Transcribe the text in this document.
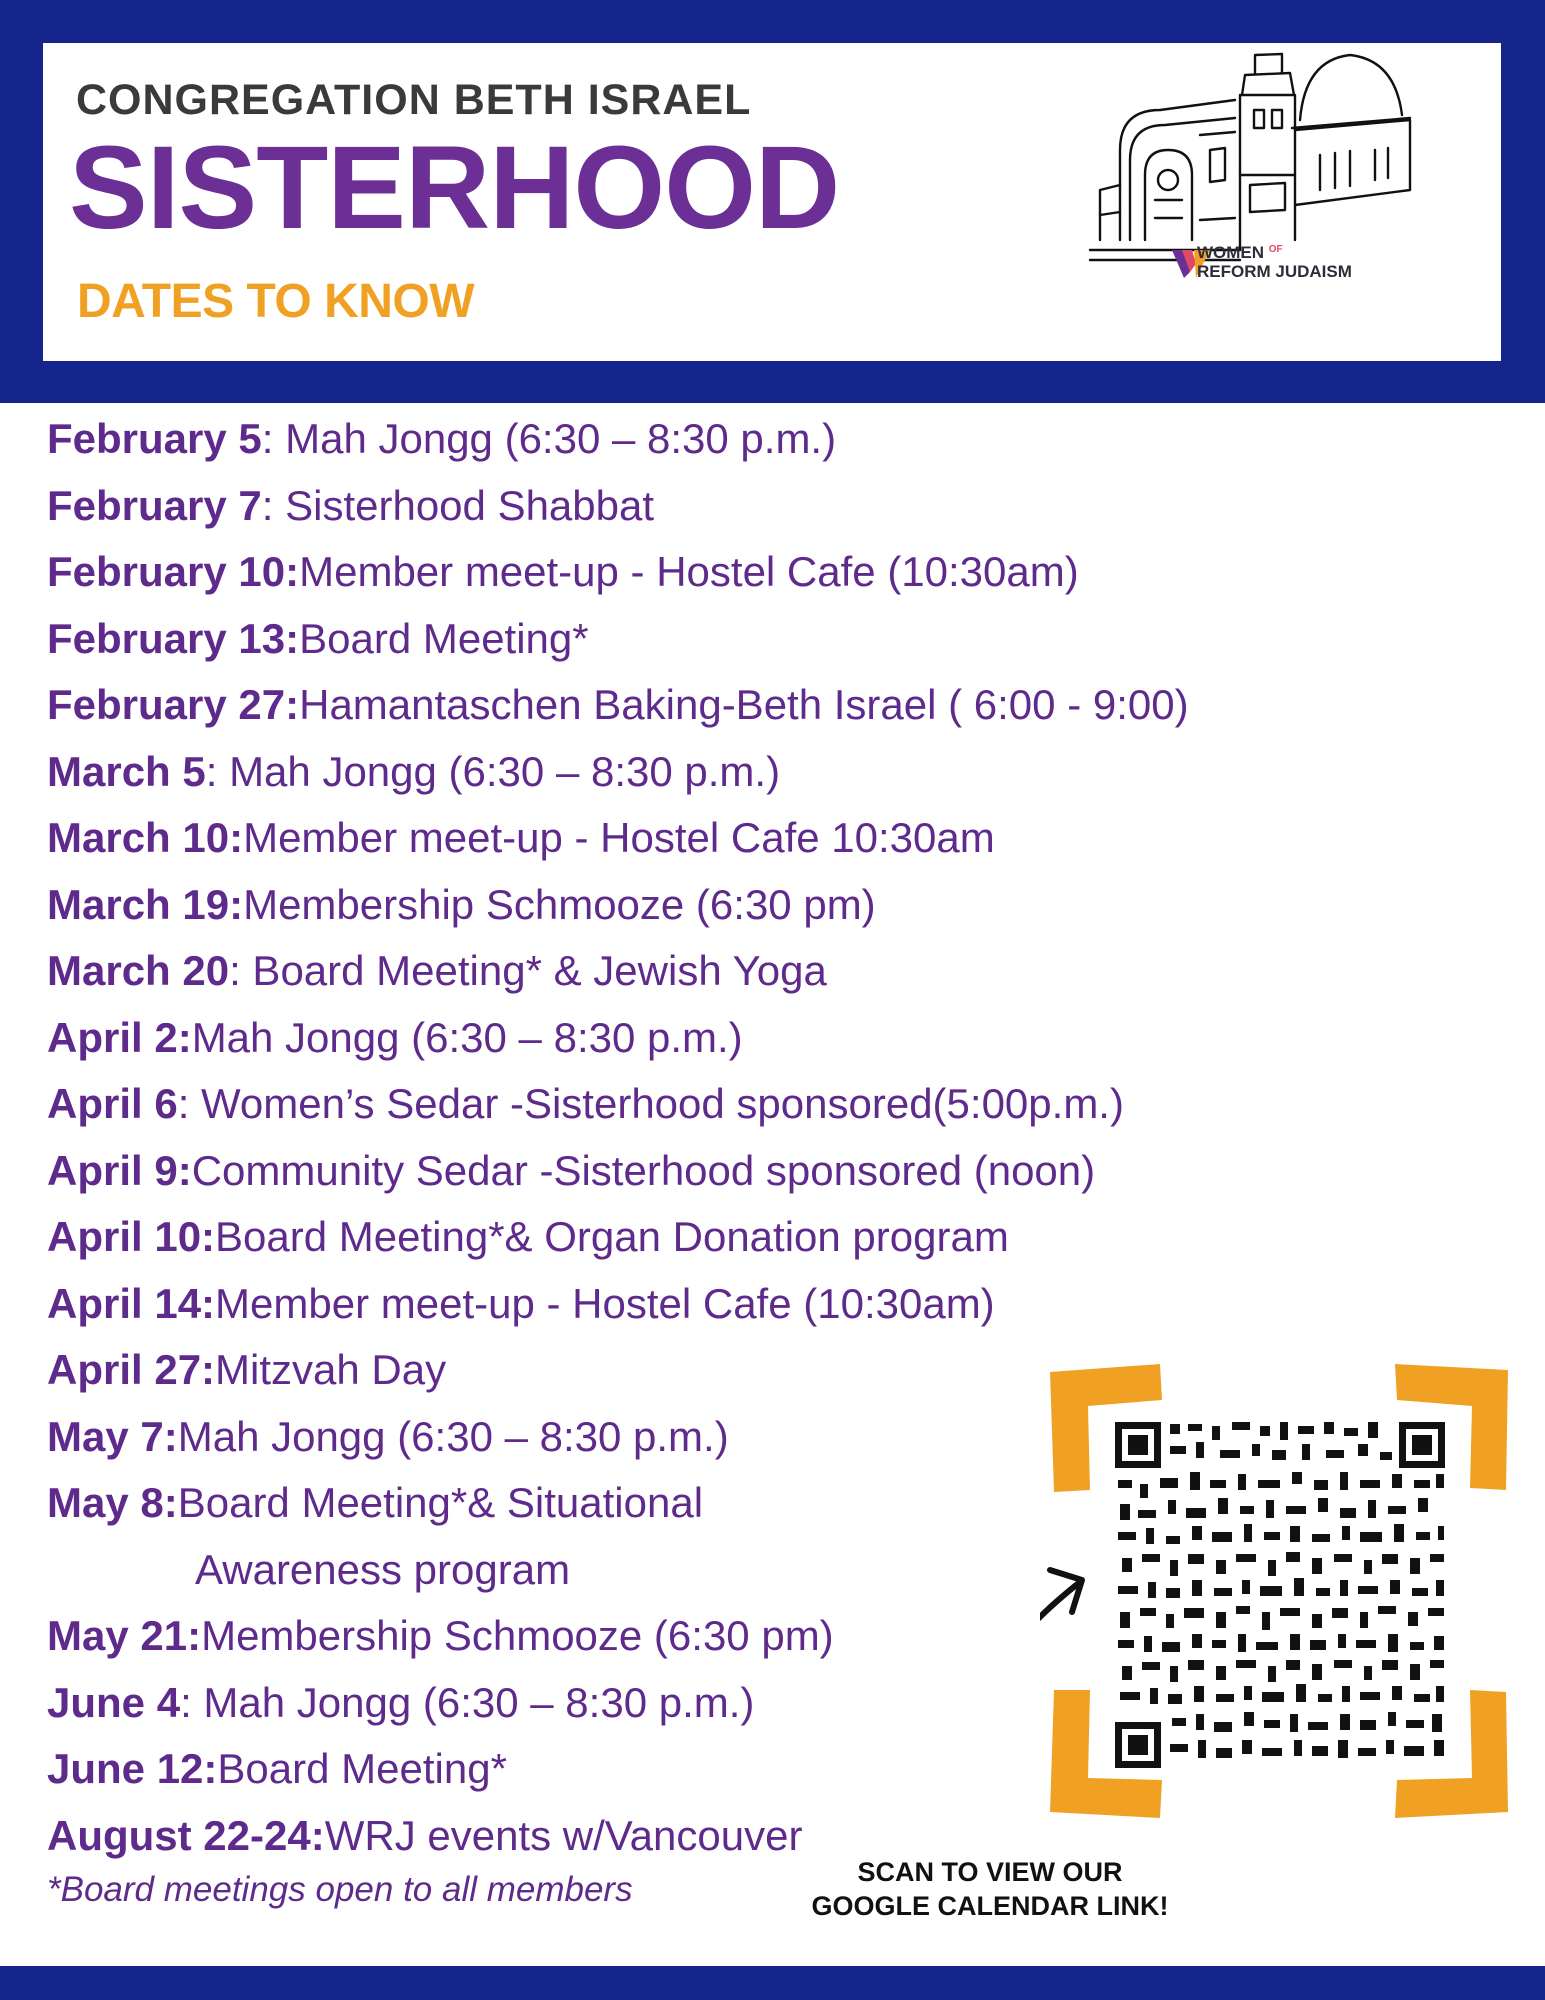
CONGREGATION BETH ISRAEL
SISTERHOOD
DATES TO KNOW
WOMEN $^{OF}$
REFORM JUDAISM
February 5 : Mah Jongg (6:30 – 8:30 p.m.)
February 7 : Sisterhood Shabbat
February 10: Member meet-up - Hostel Cafe (10:30am)
February 13: Board Meeting*
February 27: Hamantaschen Baking-Beth Israel ( 6:00 - 9:00)
March 5 : Mah Jongg (6:30 – 8:30 p.m.)
March 10: Member meet-up - Hostel Cafe 10:30am
March 19: Membership Schmooze (6:30 pm)
March 20 : Board Meeting* & Jewish Yoga
April 2: Mah Jongg (6:30 – 8:30 p.m.)
April 6 : Women’s Sedar -Sisterhood sponsored(5:00p.m.)
April 9: Community Sedar -Sisterhood sponsored (noon)
April 10: Board Meeting*& Organ Donation program
April 14: Member meet-up - Hostel Cafe (10:30am)
April 27: Mitzvah Day
May 7: Mah Jongg (6:30 – 8:30 p.m.)
May 8: Board Meeting*& Situational
Awareness program
May 21: Membership Schmooze (6:30 pm)
June 4 : Mah Jongg (6:30 – 8:30 p.m.)
June 12: Board Meeting*
August 22-24: WRJ events w/Vancouver
*Board meetings open to all members	SCAN TO VIEW OUR
GOOGLE CALENDAR LINK!
